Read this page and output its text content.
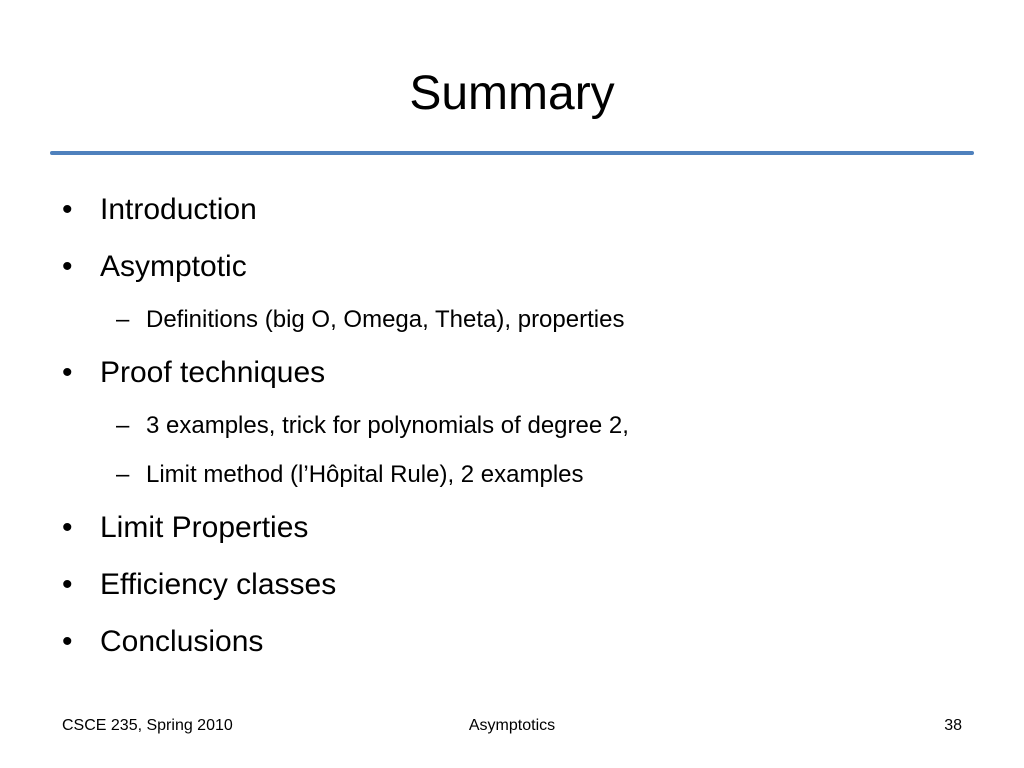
Summary
• Introduction
• Asymptotic
– Definitions (big O, Omega, Theta), properties
• Proof techniques
– 3 examples, trick for polynomials of degree 2,
– Limit method (l’Hôpital Rule), 2 examples
• Limit Properties
• Efficiency classes
• Conclusions
CSCE 235, Spring 2010	Asymptotics	38
